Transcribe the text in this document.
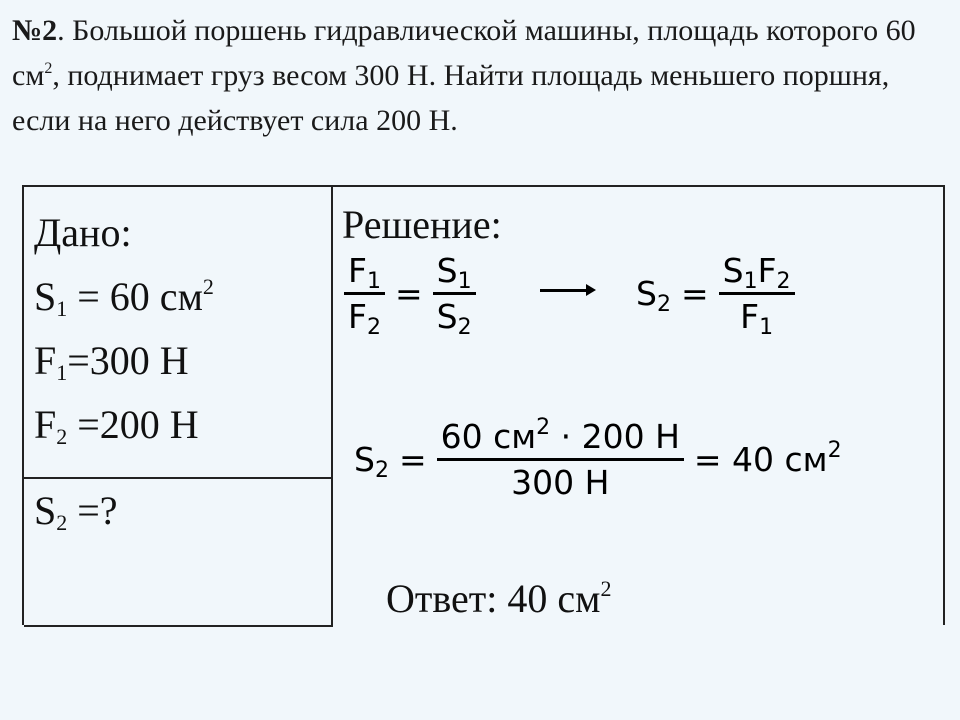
№2. Большой поршень гидравлической машины, площадь которого 60 $см^2$, поднимает груз весом 300 Н. Найти площадь меньшего поршня, если на него действует сила 200 Н.
Дано:
$S_1 = 60$ $см^2$
$F_1=300$ Н
$F_2 =200$ Н
$S_2$ =?
Решение:
$\frac{F_1}{F_2} = \frac{S_1}{S_2}$	$S_2 = \frac{S_1F_2}{F_1}$
$S_2 = \frac{60 см^2 \cdot 200 Н}{300 Н} = 40$ $см^2$
Ответ: 40 $см^2$
